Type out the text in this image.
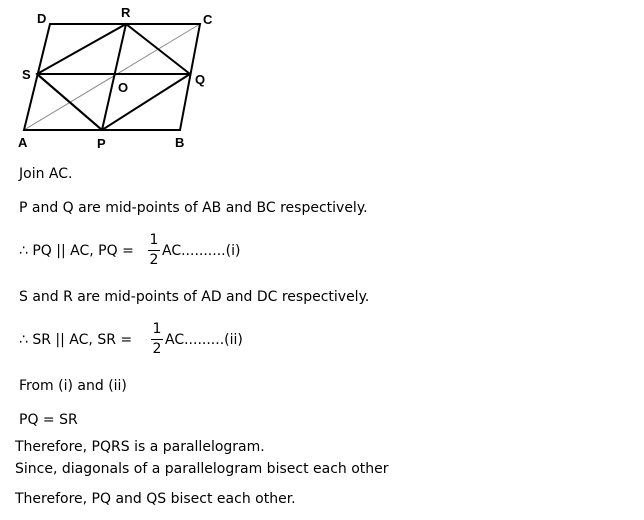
D	R	C
S
O
Q
A	P	B
Join AC.
P and Q are mid-points of AB and BC respectively.
∴ PQ || AC, PQ =
1
2
AC..........(i)
S and R are mid-points of AD and DC respectively.
∴ SR || AC, SR =
1
2
AC.........(ii)
From (i) and (ii)
PQ = SR
Therefore, PQRS is a parallelogram.
Since, diagonals of a parallelogram bisect each other
Therefore, PQ and QS bisect each other.
